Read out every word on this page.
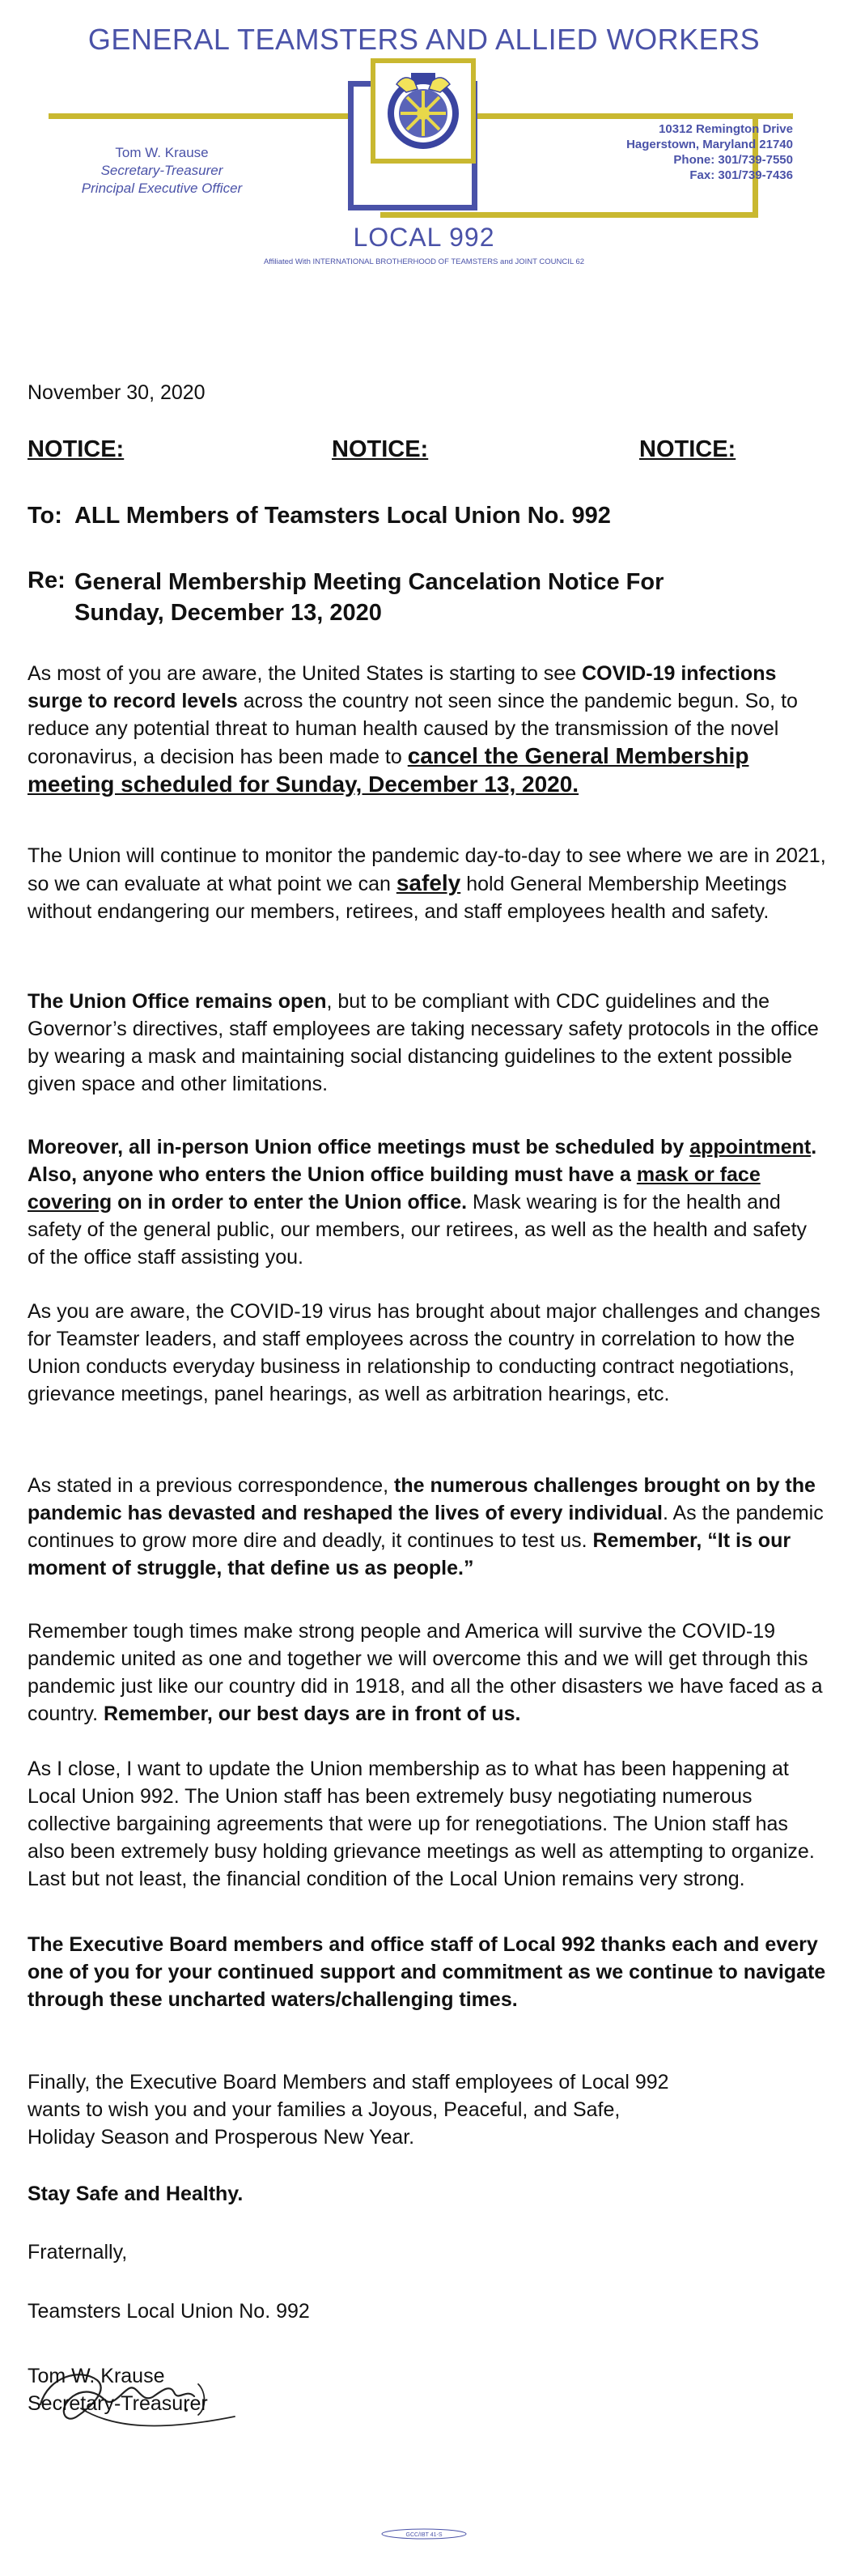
GENERAL TEAMSTERS AND ALLIED WORKERS
Tom W. Krause
Secretary-Treasurer
Principal Executive Officer
10312 Remington Drive
Hagerstown, Maryland 21740
Phone: 301/739-7550
Fax: 301/739-7436
LOCAL 992
Affiliated With INTERNATIONAL BROTHERHOOD OF TEAMSTERS and JOINT COUNCIL 62
November 30, 2020
NOTICE:	NOTICE:	NOTICE:
To: ALL Members of Teamsters Local Union No. 992
Re: General Membership Meeting Cancelation Notice For
Sunday, December 13, 2020
As most of you are aware, the United States is starting to see COVID-19 infections surge to record levels across the country not seen since the pandemic begun. So, to reduce any potential threat to human health caused by the transmission of the novel coronavirus, a decision has been made to cancel the General Membership meeting scheduled for Sunday, December 13, 2020.
The Union will continue to monitor the pandemic day-to-day to see where we are in 2021, so we can evaluate at what point we can safely hold General Membership Meetings without endangering our members, retirees, and staff employees health and safety.
The Union Office remains open, but to be compliant with CDC guidelines and the Governor’s directives, staff employees are taking necessary safety protocols in the office by wearing a mask and maintaining social distancing guidelines to the extent possible given space and other limitations.
Moreover, all in-person Union office meetings must be scheduled by appointment. Also, anyone who enters the Union office building must have a mask or face covering on in order to enter the Union office. Mask wearing is for the health and safety of the general public, our members, our retirees, as well as the health and safety of the office staff assisting you.
As you are aware, the COVID-19 virus has brought about major challenges and changes for Teamster leaders, and staff employees across the country in correlation to how the Union conducts everyday business in relationship to conducting contract negotiations, grievance meetings, panel hearings, as well as arbitration hearings, etc.
As stated in a previous correspondence, the numerous challenges brought on by the pandemic has devasted and reshaped the lives of every individual. As the pandemic continues to grow more dire and deadly, it continues to test us. Remember, “It is our moment of struggle, that define us as people.”
Remember tough times make strong people and America will survive the COVID-19 pandemic united as one and together we will overcome this and we will get through this pandemic just like our country did in 1918, and all the other disasters we have faced as a country. Remember, our best days are in front of us.
As I close, I want to update the Union membership as to what has been happening at Local Union 992. The Union staff has been extremely busy negotiating numerous collective bargaining agreements that were up for renegotiations. The Union staff has also been extremely busy holding grievance meetings as well as attempting to organize. Last but not least, the financial condition of the Local Union remains very strong.
The Executive Board members and office staff of Local 992 thanks each and every one of you for your continued support and commitment as we continue to navigate through these uncharted waters/challenging times.
Finally, the Executive Board Members and staff employees of Local 992
wants to wish you and your families a Joyous, Peaceful, and Safe,
Holiday Season and Prosperous New Year.
Stay Safe and Healthy.
Fraternally,
Teamsters Local Union No. 992
Tom W. Krause
Secretary-Treasurer
GCC/IBT 41-S
